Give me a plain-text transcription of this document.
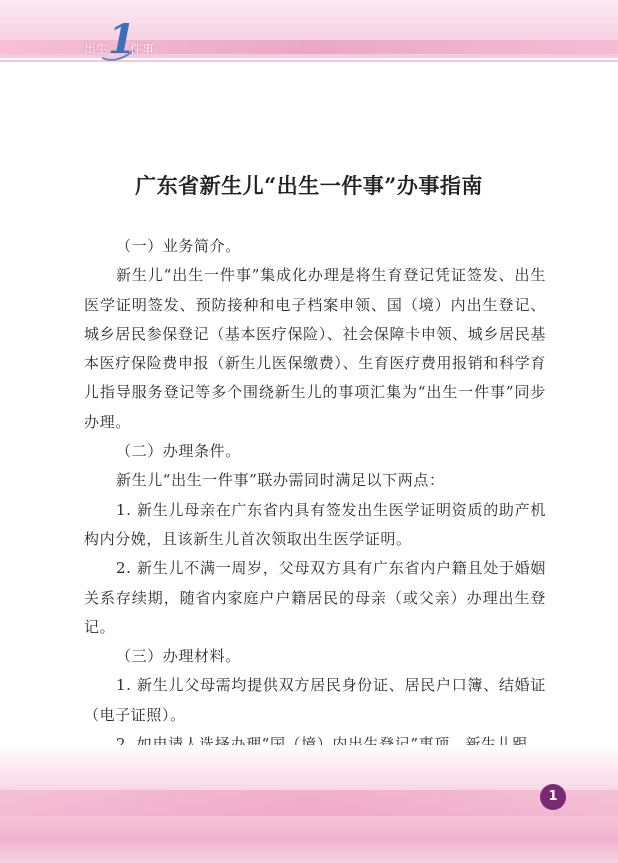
出生 1
件事
广东省新生儿“出生一件事”办事指南

（一）业务简介。

新生儿“出生一件事”集成化办理是将生育登记凭证签发、出生医学证明签发、预防接种和电子档案申领、国（境）内出生登记、城乡居民参保登记（基本医疗保险）、社会保障卡申领、城乡居民基本医疗保险费申报（新生儿医保缴费）、生育医疗费用报销和科学育儿指导服务登记等多个围绕新生儿的事项汇集为“出生一件事”同步办理。

（二）办理条件。

新生儿“出生一件事”联办需同时满足以下两点：

1. 新生儿母亲在广东省内具有签发出生医学证明资质的助产机构内分娩，且该新生儿首次领取出生医学证明。

2. 新生儿不满一周岁，父母双方具有广东省内户籍且处于婚姻关系存续期，随省内家庭户户籍居民的母亲（或父亲）办理出生登记。

（三）办理材料。

1. 新生儿父母需均提供双方居民身份证、居民户口簿、结婚证（电子证照）。

1
